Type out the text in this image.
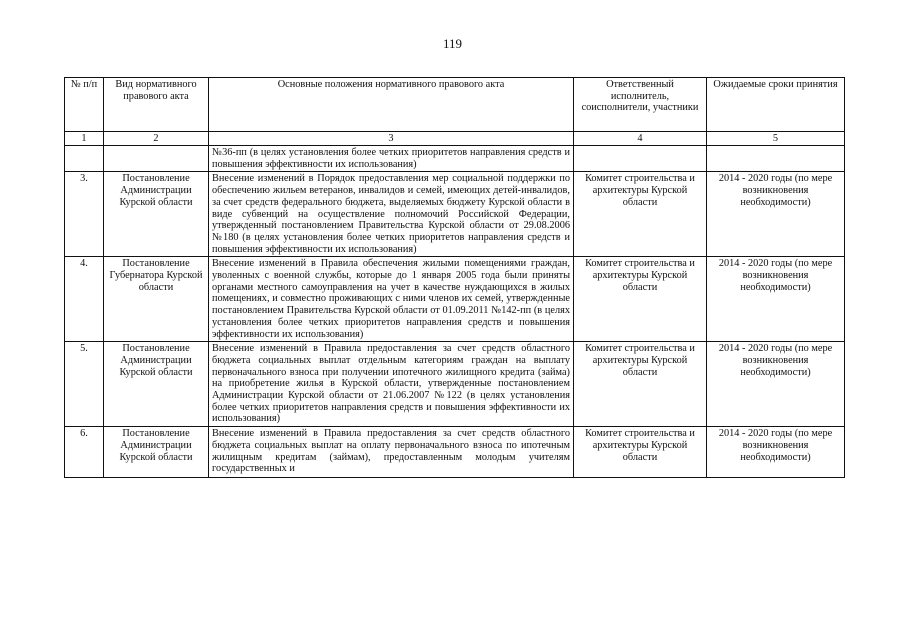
119
№ п/п	Вид нормативного правового акта	Основные положения нормативного правового акта	Ответственный исполнитель, соисполнители, участники	Ожидаемые сроки принятия
1	2	3	4	5
		№36-пп (в целях установления более четких приоритетов направления средств и повышения эффективности их использования)		
3.	Постановление Администрации Курской области	Внесение изменений в Порядок предоставления мер социальной поддержки по обеспечению жильем ветеранов, инвалидов и семей, имеющих детей-инвалидов, за счет средств федерального бюджета, выделяемых бюджету Курской области в виде субвенций на осуществление полномочий Российской Федерации, утвержденный постановлением Правительства Курской области от 29.08.2006 №180 (в целях установления более четких приоритетов направления средств и повышения эффективности их использования)	Комитет строительства и архитектуры Курской области	2014 - 2020 годы (по мере возникновения необходимости)
4.	Постановление Губернатора Курской области	Внесение изменений в Правила обеспечения жилыми помещениями граждан, уволенных с военной службы, которые до 1 января 2005 года были приняты органами местного самоуправления на учет в качестве нуждающихся в жилых помещениях, и совместно проживающих с ними членов их семей, утвержденные постановлением Правительства Курской области от 01.09.2011 №142-пп (в целях установления более четких приоритетов направления средств и повышения эффективности их использования)	Комитет строительства и архитектуры Курской области	2014 - 2020 годы (по мере возникновения необходимости)
5.	Постановление Администрации Курской области	Внесение изменений в Правила предоставления за счет средств областного бюджета социальных выплат отдельным категориям граждан на выплату первоначального взноса при получении ипотечного жилищного кредита (займа) на приобретение жилья в Курской области, утвержденные постановлением Администрации Курской области от 21.06.2007 №122 (в целях установления более четких приоритетов направления средств и повышения эффективности их использования)	Комитет строительства и архитектуры Курской области	2014 - 2020 годы (по мере возникновения необходимости)
6.	Постановление Администрации Курской области	Внесение изменений в Правила предоставления за счет средств областного бюджета социальных выплат на оплату первоначального взноса по ипотечным жилищным кредитам (займам), предоставленным молодым учителям государственных и	Комитет строительства и архитектуры Курской области	2014 - 2020 годы (по мере возникновения необходимости)
